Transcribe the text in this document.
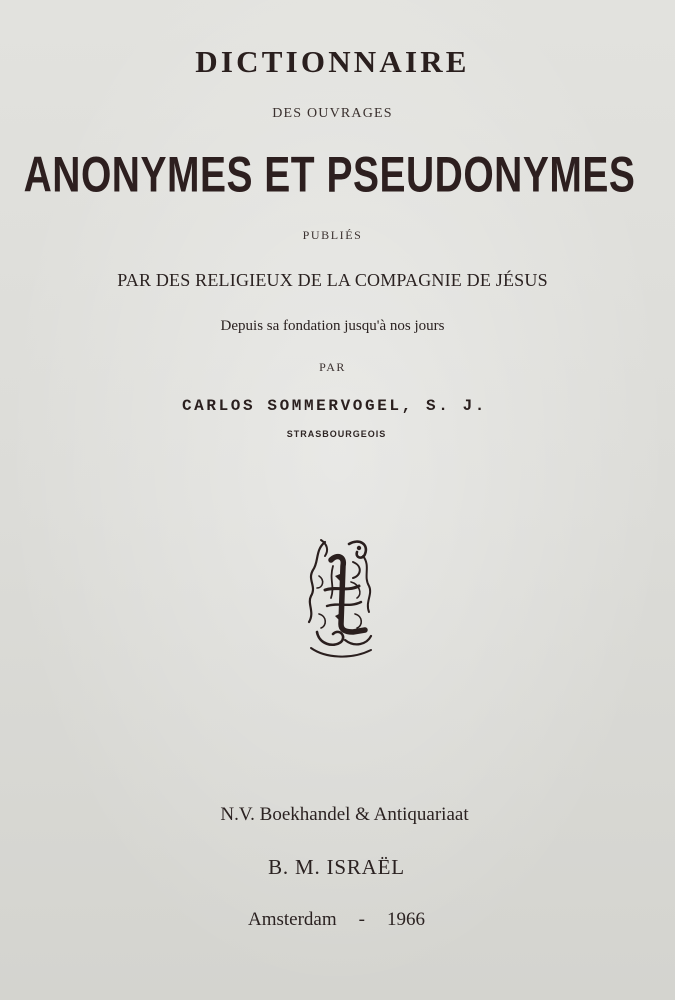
DICTIONNAIRE
DES OUVRAGES
ANONYMES ET PSEUDONYMES
PUBLIÉS
PAR DES RELIGIEUX DE LA COMPAGNIE DE JÉSUS
Depuis sa fondation jusqu'à nos jours
PAR
CARLOS SOMMERVOGEL, S. J.
STRASBOURGEOIS
N.V. Boekhandel & Antiquariaat
B. M. ISRAËL
Amsterdam - 1966
